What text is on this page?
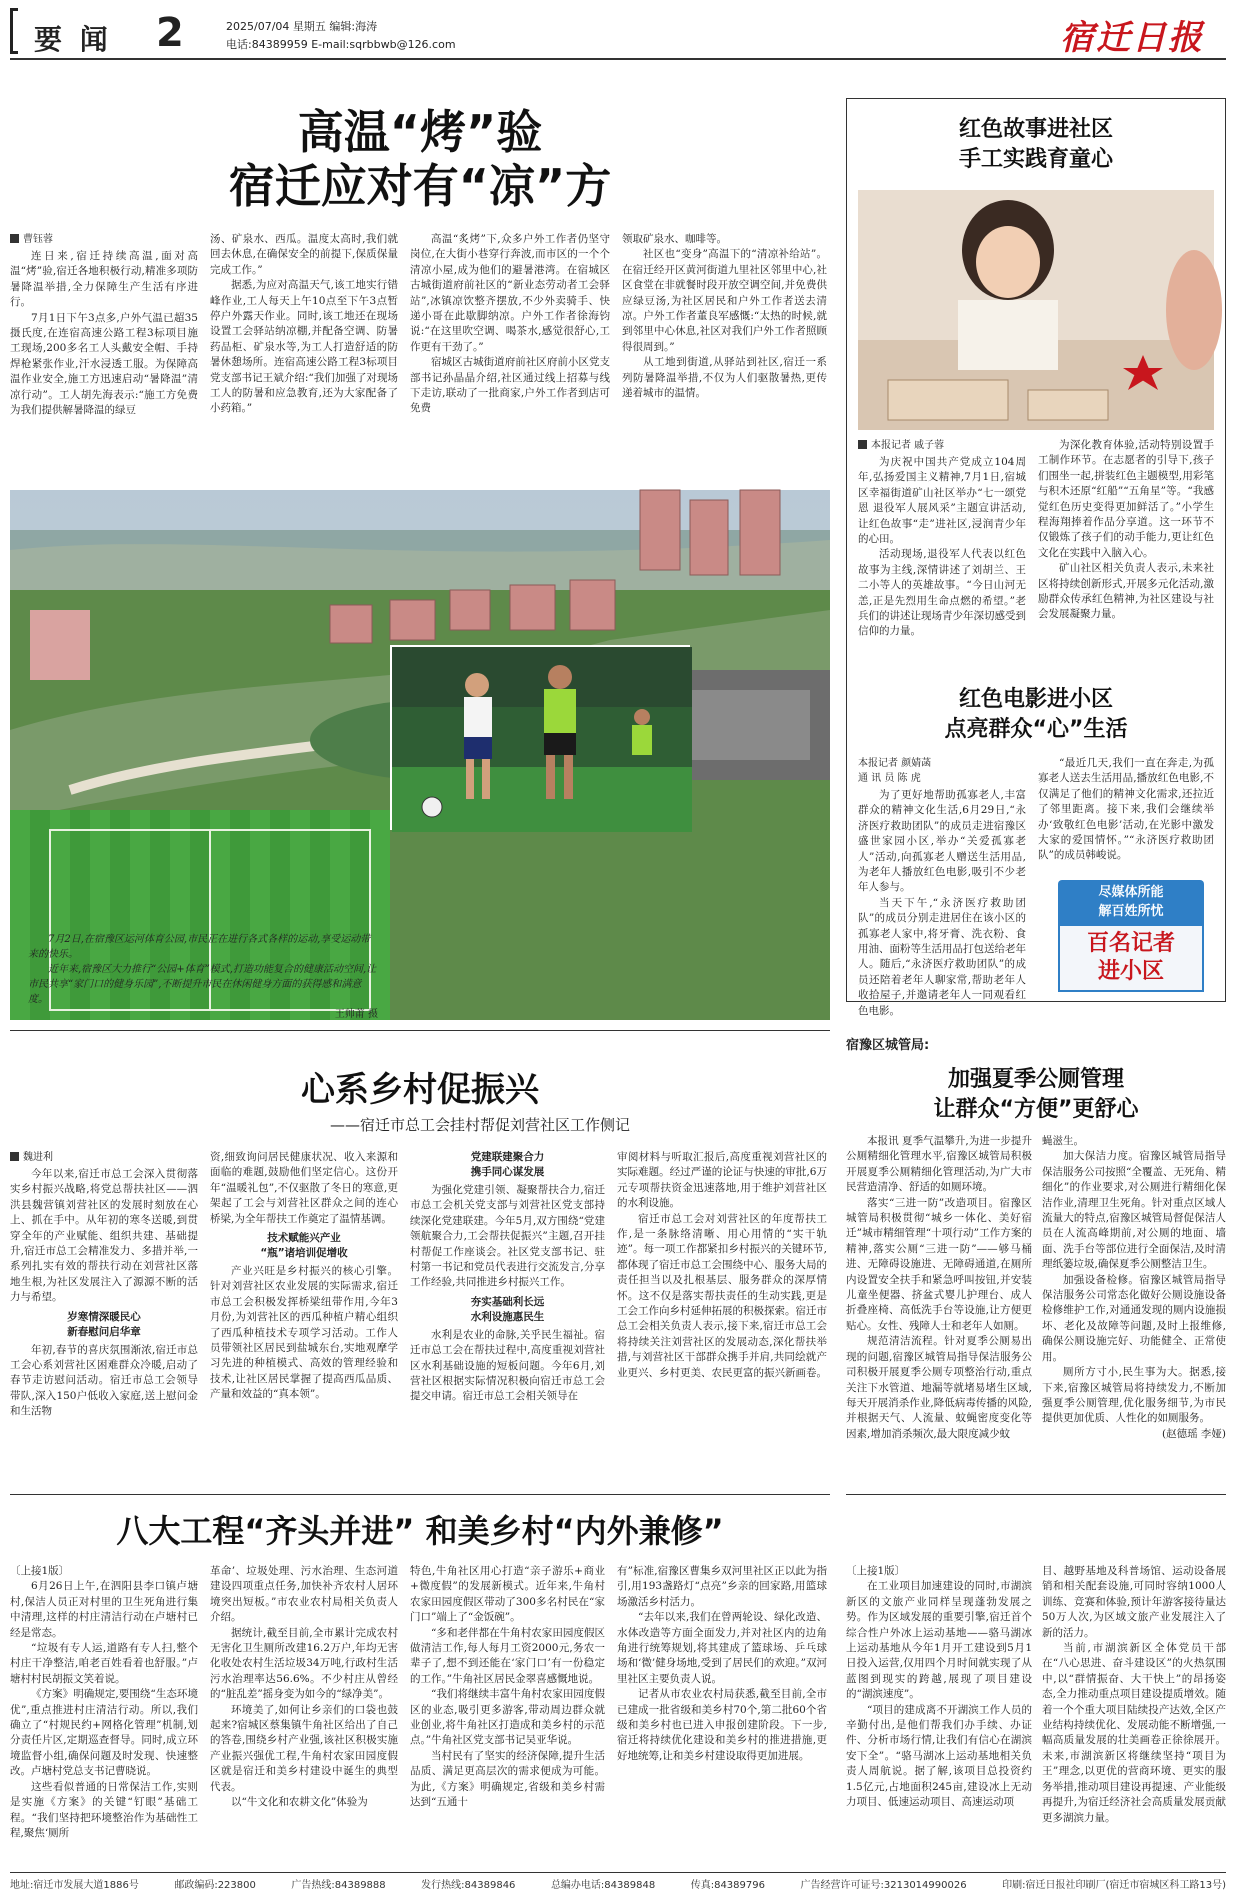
要 闻 2	2025/07/04 星期五 编辑:海涛
电话:84389959 E-mail:sqrbbwb@126.com	宿迁日报
高温“烤”验
宿迁应对有“凉”方
曹钰蓉

连日来,宿迁持续高温,面对高温“烤”验,宿迁各地积极行动,精准多项防暑降温举措,全力保障生产生活有序进行。

7月1日下午3点多,户外气温已超35摄氏度,在连宿高速公路工程3标项目施工现场,200多名工人头戴安全帽、手持焊枪紧张作业,汗水浸透工服。为保障高温作业安全,施工方迅速启动“暑降温”清凉行动”。工人胡先海表示:“施工方免费为我们提供解暑降温的绿豆

汤、矿泉水、西瓜。温度太高时,我们就回去休息,在确保安全的前提下,保质保量完成工作。”

据悉,为应对高温天气,该工地实行错峰作业,工人每天上午10点至下午3点暂停户外露天作业。同时,该工地还在现场设置工会驿站纳凉棚,并配备空调、防暑药品柜、矿泉水等,为工人打造舒适的防暑休憩场所。连宿高速公路工程3标项目党支部书记王斌介绍:“我们加强了对现场工人的防暑和应急教育,还为大家配备了小药箱。”

高温“炙烤”下,众多户外工作者仍坚守岗位,在大街小巷穿行奔波,而市区的一个个清凉小屋,成为他们的避暑港湾。在宿城区古城街道府前社区的“新业态劳动者工会驿站”,冰镇凉饮整齐摆放,不少外卖骑手、快递小哥在此歇脚纳凉。户外工作者徐海钧说:“在这里吹空调、喝茶水,感觉很舒心,工作更有干劲了。”

宿城区古城街道府前社区府前小区党支部书记孙晶晶介绍,社区通过线上招募与线下走访,联动了一批商家,户外工作者到店可免费

领取矿泉水、咖啡等。

社区也“变身”高温下的“清凉补给站”。在宿迁经开区黄河街道九里社区邻里中心,社区食堂在非就餐时段开放空调空间,并免费供应绿豆汤,为社区居民和户外工作者送去清凉。户外工作者董良军感慨:“太热的时候,就到邻里中心休息,社区对我们户外工作者照顾得很周到。”

从工地到街道,从驿站到社区,宿迁一系列防暑降温举措,不仅为人们驱散暑热,更传递着城市的温情。

7月2日,在宿豫区运河体育公园,市民正在进行各式各样的运动,享受运动带来的快乐。

近年来,宿豫区大力推行“公园+体育”模式,打造功能复合的健康活动空间,让市民共享“家门口的健身乐园”,不断提升市民在休闲健身方面的获得感和满意度。

王帅莆 摄

红色故事进社区
手工实践育童心
本报记者 戚子蓉

为庆祝中国共产党成立104周年,弘扬爱国主义精神,7月1日,宿城区幸福街道矿山社区举办“七一颂党恩 退役军人展风采”主题宣讲活动,让红色故事“走”进社区,浸润青少年的心田。

活动现场,退役军人代表以红色故事为主线,深情讲述了刘胡兰、王二小等人的英雄故事。“今日山河无恙,正是先烈用生命点燃的希望。”老兵们的讲述让现场青少年深切感受到信仰的力量。

为深化教育体验,活动特别设置手工制作环节。在志愿者的引导下,孩子们围坐一起,拼装红色主题模型,用彩笔与积木还原“红船”“五角星”等。“我感觉红色历史变得更加鲜活了。”小学生程海翔捧着作品分享道。这一环节不仅锻炼了孩子们的动手能力,更让红色文化在实践中入脑入心。

矿山社区相关负责人表示,未来社区将持续创新形式,开展多元化活动,激励群众传承红色精神,为社区建设与社会发展凝聚力量。

红色电影进小区
点亮群众“心”生活
本报记者 颜婧菡
通 讯 员 陈 虎

为了更好地帮助孤寡老人,丰富群众的精神文化生活,6月29日,“永济医疗救助团队”的成员走进宿豫区盛世家园小区,举办“关爱孤寡老人”活动,向孤寡老人赠送生活用品,为老年人播放红色电影,吸引不少老年人参与。

当天下午,“永济医疗救助团队”的成员分别走进居住在该小区的孤寡老人家中,将牙膏、洗衣粉、食用油、面粉等生活用品打包送给老年人。随后,“永济医疗救助团队”的成员还陪着老年人聊家常,帮助老年人收拾屋子,并邀请老年人一同观看红色电影。

“最近几天,我们一直在奔走,为孤寡老人送去生活用品,播放红色电影,不仅满足了他们的精神文化需求,还拉近了邻里距离。接下来,我们会继续举办‘致敬红色电影’活动,在光影中激发大家的爱国情怀。”“永济医疗救助团队”的成员韩峻说。

尽媒体所能
解百姓所忧
百名记者
进小区
心系乡村促振兴
——宿迁市总工会挂村帮促刘营社区工作侧记
魏进利

今年以来,宿迁市总工会深入贯彻落实乡村振兴战略,将党总帮扶社区——泗洪县魏营镇刘营社区的发展时刻放在心上、抓在手中。从年初的寒冬送暖,到贯穿全年的产业赋能、组织共建、基础提升,宿迁市总工会精准发力、多措并举,一系列扎实有效的帮扶行动在刘营社区落地生根,为社区发展注入了源源不断的活力与希望。

岁寒情深暖民心

新春慰问启华章

年初,春节的喜庆氛围渐浓,宿迁市总工会心系刘营社区困难群众冷暖,启动了春节走访慰问活动。宿迁市总工会领导带队,深入150户低收入家庭,送上慰问金和生活物

资,细致询问居民健康状况、收入来源和面临的难题,鼓励他们坚定信心。这份开年“温暖礼包”,不仅驱散了冬日的寒意,更架起了工会与刘营社区群众之间的连心桥梁,为全年帮扶工作奠定了温情基调。

技术赋能兴产业

“瓶”诸培训促增收

产业兴旺是乡村振兴的核心引擎。针对刘营社区农业发展的实际需求,宿迁市总工会积极发挥桥梁纽带作用,今年3月份,为刘营社区的西瓜种植户精心组织了西瓜种植技术专项学习活动。工作人员带领社区居民到盐城东台,实地观摩学习先进的种植模式、高效的管理经验和技术,让社区居民掌握了提高西瓜品质、产量和效益的“真本领”。

党建联建聚合力

携手同心谋发展

为强化党建引领、凝聚帮扶合力,宿迁市总工会机关党支部与刘营社区党支部持续深化党建联建。今年5月,双方围绕“党建领航聚合力,工会帮扶促振兴”主题,召开挂村帮促工作座谈会。社区党支部书记、驻村第一书记和党员代表进行交流发言,分享工作经验,共同推进乡村振兴工作。

夯实基础利长远

水利设施惠民生

水利是农业的命脉,关乎民生福祉。宿迁市总工会在帮扶过程中,高度重视刘营社区水利基础设施的短板问题。今年6月,刘营社区根据实际情况积极向宿迁市总工会提交申请。宿迁市总工会相关领导在

审阅材料与听取汇报后,高度重视刘营社区的实际难题。经过严谨的论证与快速的审批,6万元专项帮扶资金迅速落地,用于维护刘营社区的水利设施。

宿迁市总工会对刘营社区的年度帮扶工作,是一条脉络清晰、用心用情的“实干轨迹”。每一项工作都紧扣乡村振兴的关键环节,都体现了宿迁市总工会围绕中心、服务大局的责任担当以及扎根基层、服务群众的深厚情怀。这不仅是落实帮扶责任的生动实践,更是工会工作向乡村延伸拓展的积极探索。宿迁市总工会相关负责人表示,接下来,宿迁市总工会将持续关注刘营社区的发展动态,深化帮扶举措,与刘营社区干部群众携手并肩,共同绘就产业更兴、乡村更美、农民更富的振兴新画卷。

宿豫区城管局:
加强夏季公厕管理
让群众“方便”更舒心

本报讯 夏季气温攀升,为进一步提升公厕精细化管理水平,宿豫区城管局积极开展夏季公厕精细化管理活动,为广大市民营造清净、舒适的如厕环境。

落实“三进一防”改造项目。宿豫区城管局积极贯彻“城乡一体化、美好宿迁”城市精细管理“十项行动”工作方案的精神,落实公厕“三进一防”——够马桶进、无障碍设施进、无障碍通道,在厕所内设置安全扶手和紧急呼叫按钮,并安装儿童坐便器、挤盆式婴儿护理台、成人折叠座椅、高低洗手台等设施,让方便更贴心。女性、残障人士和老年人如厕。

规范清洁流程。针对夏季公厕易出现的问题,宿豫区城管局指导保洁服务公司积极开展夏季公厕专项整治行动,重点关注下水管道、地漏等就堵易堵生区域,每天开展消杀作业,降低病毒传播的风险,并根据天气、人流量、蚊蝇密度变化等因素,增加消杀频次,最大限度减少蚊

蝇滋生。

加大保洁力度。宿豫区城管局指导保洁服务公司按照“全覆盖、无死角、精细化”的作业要求,对公厕进行精细化保洁作业,清理卫生死角。针对重点区域人流量大的特点,宿豫区城管局督促保洁人员在人流高峰期前,对公厕的地面、墙面、洗手台等部位进行全面保洁,及时清理纸篓垃圾,确保夏季公厕整洁卫生。

加强设备检修。宿豫区城管局指导保洁服务公司常态化做好公厕设施设备检修维护工作,对通通发现的厕内设施损坏、老化及故障等问题,及时上报维修,确保公厕设施完好、功能健全、正常使用。

厕所方寸小,民生事为大。据悉,接下来,宿豫区城管局将持续发力,不断加强夏季公厕管理,优化服务细节,为市民提供更加优质、人性化的如厕服务。

(赵德瑶 李娅)

八大工程“齐头并进” 和美乡村“内外兼修”

〔上接1版〕

6月26日上午,在泗阳县李口镇卢塘村,保洁人员正对村里的卫生死角进行集中清理,这样的村庄清洁行动在卢塘村已经是常态。

“垃圾有专人运,道路有专人扫,整个村庄干净整洁,咱老百姓看着也舒服。”卢塘村村民胡振文笑着说。

《方案》明确规定,要围绕“生态环境优”,重点推进村庄清洁行动。所以,我们确立了“村规民约+网格化管理”机制,划分责任片区,定期巡查督导。同时,成立环境监督小组,确保问题及时发现、快速整改。卢塘村党总支书记曹晓说。

这些看似普通的日常保洁工作,实则是实施《方案》的关键“钉眼”基础工程。“我们坚持把环境整治作为基础性工程,聚焦‘厕所

革命’、垃圾处理、污水治理、生态河道建设四项重点任务,加快补齐农村人居环境突出短板。”市农业农村局相关负责人介绍。

据统计,截至目前,全市累计完成农村无害化卫生厕所改建16.2万户,年均无害化收处农村生活垃圾34万吨,行政村生活污水治理率达56.6%。不少村庄从曾经的“脏乱差”摇身变为如今的“绿净美”。

环境美了,如何让乡亲们的口袋也鼓起来?宿城区蔡集镇牛角社区给出了自己的答卷,围绕乡村产业强,该社区积极实施产业振兴强优工程,牛角村农家田园度假区就是宿迁和美乡村建设中诞生的典型代表。

以“牛文化和农耕文化”体验为

特色,牛角社区用心打造“亲子游乐+商业+微度假”的发展新模式。近年来,牛角村农家田园度假区带动了300多名村民在“家门口”端上了“金饭碗”。

“多和老伴都在牛角村农家田园度假区做清洁工作,每人每月工资2000元,务农一辈子了,想不到还能在‘家门口’有一份稳定的工作。”牛角社区居民金翠喜感慨地说。

“我们将继续丰富牛角村农家田园度假区的业态,吸引更多游客,带动周边群众就业创业,将牛角社区打造成和美乡村的示范点。”牛角社区党支部书记吴亚华说。

当村民有了坚实的经济保障,提升生活品质、满足更高层次的需求便成为可能。为此,《方案》明确规定,省级和美乡村需达到“五通十

有”标准,宿豫区曹集乡双河里社区正以此为指引,用193盏路灯“点亮”乡亲的回家路,用篮球场激活乡村活力。

“去年以来,我们在曾两轮设、绿化改造、水体改造等方面全面发力,并对社区内的边角角进行统筹规划,将其建成了篮球场、乒乓球场和‘微’健身场地,受到了居民们的欢迎。”双河里社区主要负责人说。

记者从市农业农村局获悉,截至目前,全市已建成一批省级和美乡村70个,第二批60个省级和美乡村也已进入申报创建阶段。下一步,宿迁将持续优化建设和美乡村的推进措施,更好地统筹,让和美乡村建设取得更加进展。

〔上接1版〕

在工业项目加速建设的同时,市湖滨新区的文旅产业同样呈现蓬勃发展之势。作为区域发展的重要引擎,宿迁首个综合性户外冰上运动基地——骆马湖冰上运动基地从今年1月开工建设到5月1日投入运营,仅用四个月时间就实现了从蓝图到现实的跨越,展现了项目建设的“湖滨速度”。

“项目的建成离不开湖滨工作人员的辛勤付出,是他们帮我们办手续、办证件、分析市场行情,让我们有信心在湖滨安下全”。“骆马湖冰上运动基地相关负责人周航说。据了解,该项目总投资约1.5亿元,占地面积245亩,建设冰上无动力项目、低速运动项目、高速运动项

目、越野基地及科普场馆、运动设备展销和相关配套设施,可同时容纳1000人训练、竞赛和体验,预计年游客接待量达50万人次,为区域文旅产业发展注入了新的活力。

当前,市湖滨新区全体党员干部在“八心思进、奋斗建设区”的火热氛围中,以“群情振奋、大干快上”的昂扬姿态,全力推动重点项目建设提质增效。随着一个个重大项目陆续投产达效,全区产业结构持续优化、发展动能不断增强,一幅高质量发展的壮美画卷正徐徐展开。未来,市湖滨新区将继续坚持“项目为王”理念,以更优的营商环境、更实的服务举措,推动项目建设再提速、产业能级再提升,为宿迁经济社会高质量发展贡献更多湖滨力量。

地址:宿迁市发展大道1886号	邮政编码:223800	广告热线:84389888	发行热线:84389846	总编办电话:84389848	传真:84389796	广告经营许可证号:3213014990026	印刷:宿迁日报社印刷厂(宿迁市宿城区科工路13号)
